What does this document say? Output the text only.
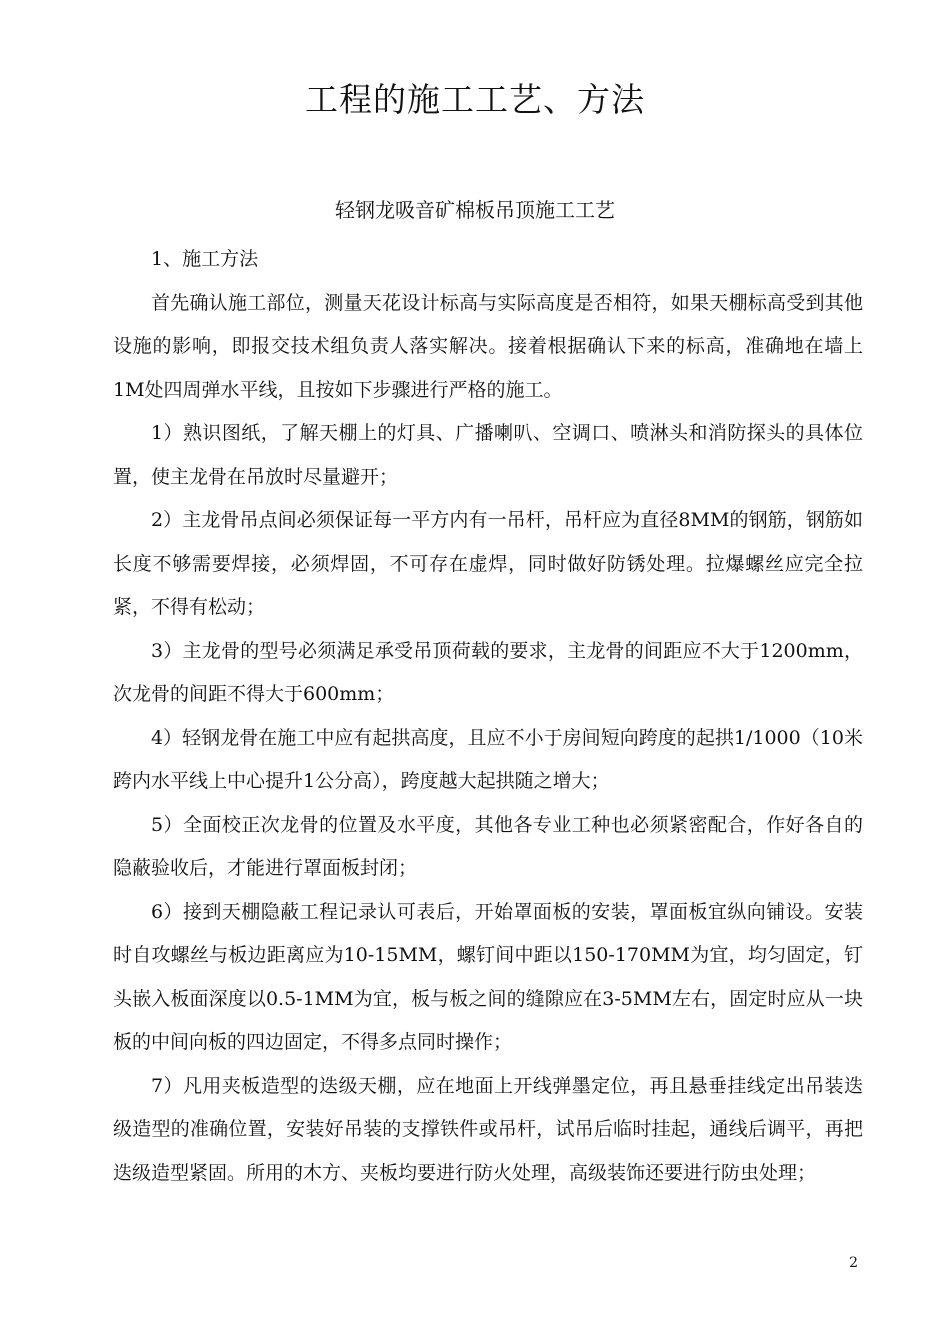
工程的施工工艺、方法
轻钢龙吸音矿棉板吊顶施工工艺

1、施工方法

首先确认施工部位，测量天花设计标高与实际高度是否相符，如果天棚标高受到其他设施的影响，即报交技术组负责人落实解决。接着根据确认下来的标高，准确地在墙上1M处四周弹水平线，且按如下步骤进行严格的施工。

1）熟识图纸，了解天棚上的灯具、广播喇叭、空调口、喷淋头和消防探头的具体位置，使主龙骨在吊放时尽量避开；

2）主龙骨吊点间必须保证每一平方内有一吊杆，吊杆应为直径8MM的钢筋，钢筋如长度不够需要焊接，必须焊固，不可存在虚焊，同时做好防锈处理。拉爆螺丝应完全拉紧，不得有松动；

3）主龙骨的型号必须满足承受吊顶荷载的要求，主龙骨的间距应不大于1200mm，次龙骨的间距不得大于600mm；

4）轻钢龙骨在施工中应有起拱高度，且应不小于房间短向跨度的起拱1/1000（10米跨内水平线上中心提升1公分高），跨度越大起拱随之增大；

5）全面校正次龙骨的位置及水平度，其他各专业工种也必须紧密配合，作好各自的隐蔽验收后，才能进行罩面板封闭；

6）接到天棚隐蔽工程记录认可表后，开始罩面板的安装，罩面板宜纵向铺设。安装时自攻螺丝与板边距离应为10-15MM，螺钉间中距以150-170MM为宜，均匀固定，钉头嵌入板面深度以0.5-1MM为宜，板与板之间的缝隙应在3-5MM左右，固定时应从一块板的中间向板的四边固定，不得多点同时操作；

7）凡用夹板造型的迭级天棚，应在地面上开线弹墨定位，再且悬垂挂线定出吊装迭级造型的准确位置，安装好吊装的支撑铁件或吊杆，试吊后临时挂起，通线后调平，再把迭级造型紧固。所用的木方、夹板均要进行防火处理，高级装饰还要进行防虫处理；

2
